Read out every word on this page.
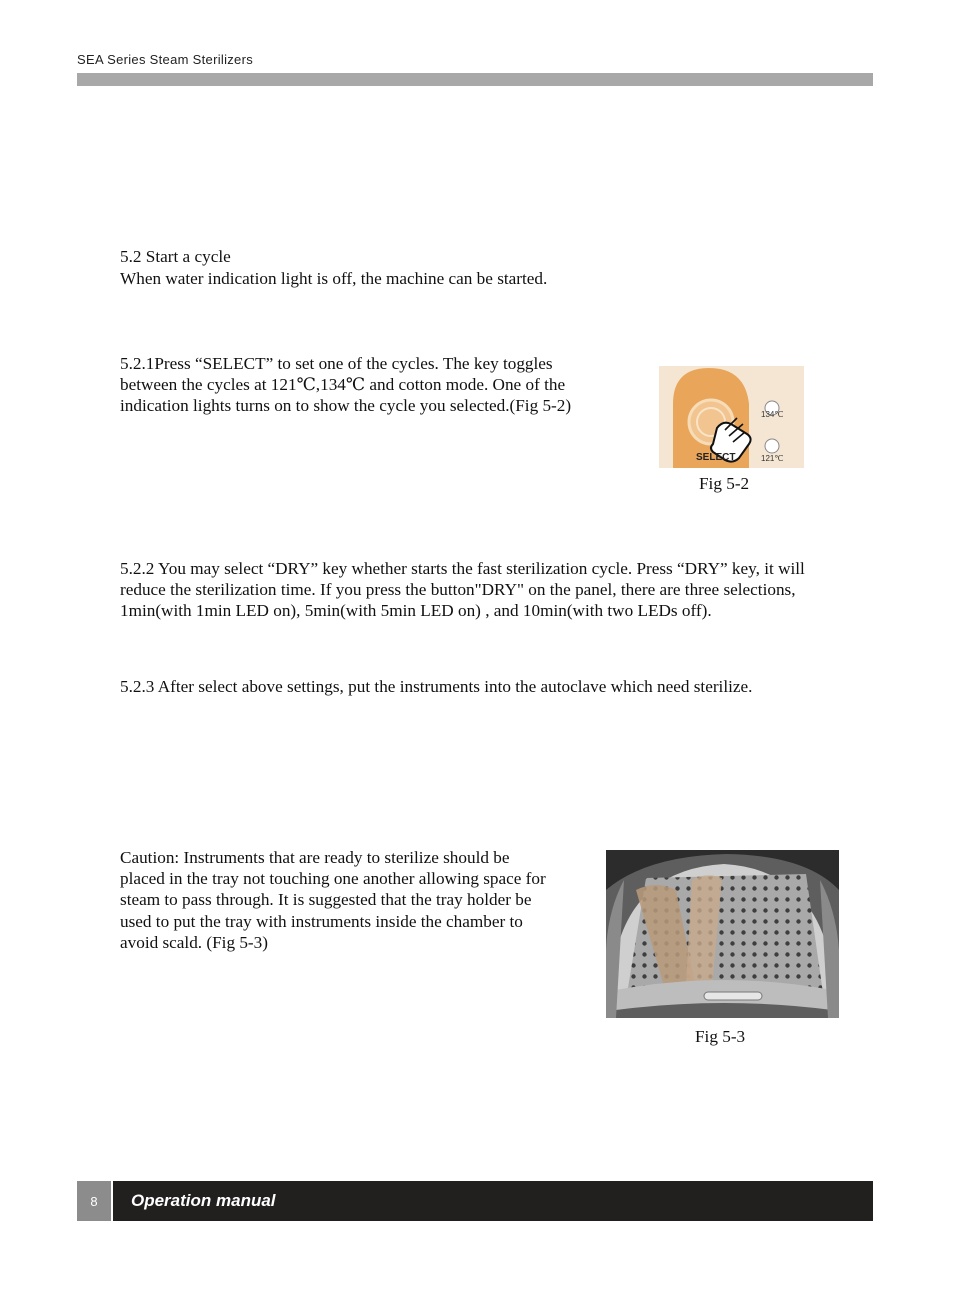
SEA Series Steam Sterilizers

5.2 Start a cycle

When water indication light is off, the machine can be started.

5.2.1Press “SELECT” to set one of the cycles. The key toggles between the cycles at 121℃,134℃ and cotton mode. One of the indication lights turns on to show the cycle you selected.(Fig 5-2)

SELECT
134℃
121℃
Fig 5-2

5.2.2 You may select “DRY” key whether starts the fast sterilization cycle. Press “DRY” key, it will reduce the sterilization time. If you press the button"DRY" on the panel, there are three selections, 1min(with 1min LED on), 5min(with 5min LED on) , and 10min(with two LEDs off).

5.2.3 After select above settings, put the instruments into the autoclave which need sterilize.

Caution: Instruments that are ready to sterilize should be placed in the tray not touching one another allowing space for steam to pass through. It is suggested that the tray holder be used to put the tray with instruments inside the chamber to avoid scald. (Fig 5-3)

Fig 5-3
8	Operation manual
